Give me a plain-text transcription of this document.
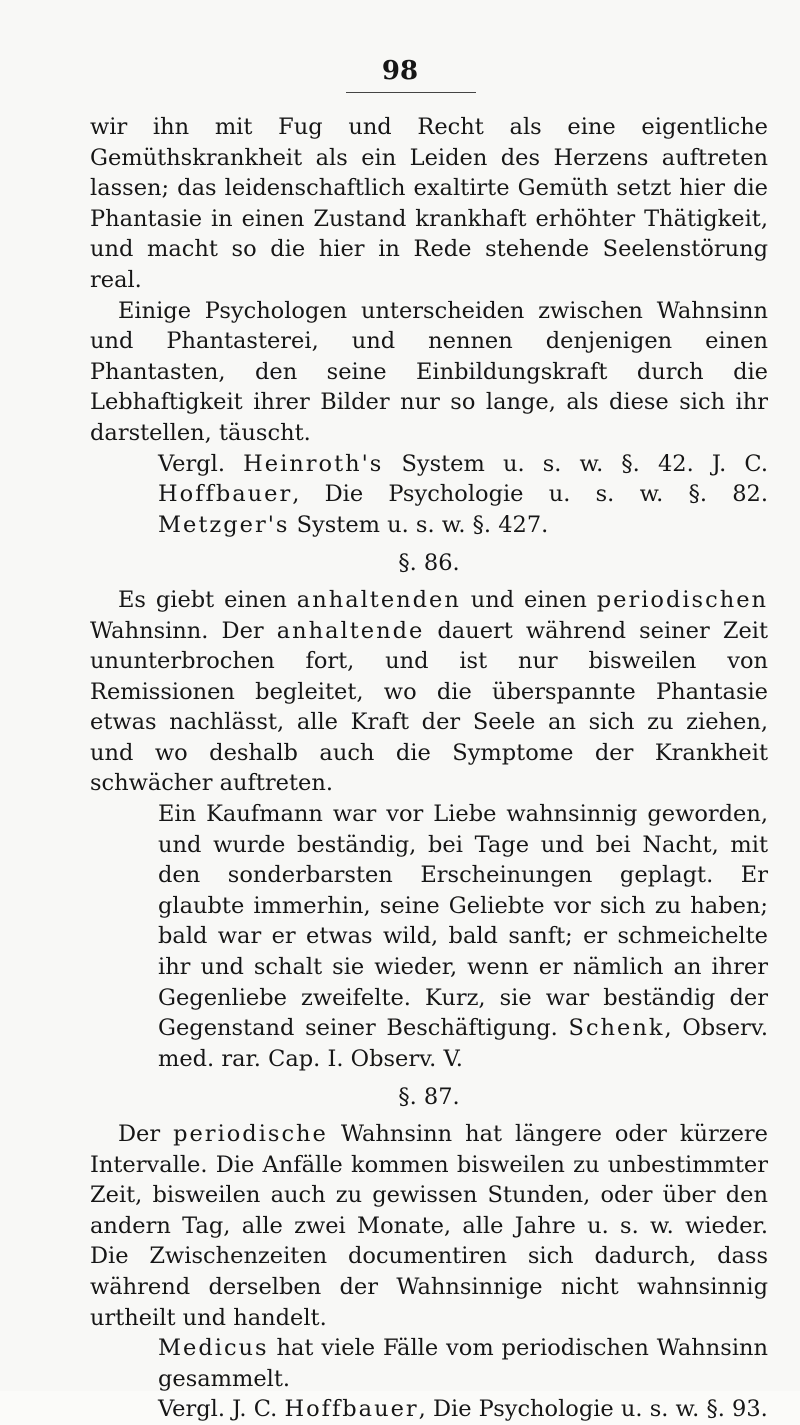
98

wir ihn mit Fug und Recht als eine eigentliche Gemüthskrankheit als ein Leiden des Herzens auftreten lassen; das leidenschaftlich exaltirte Gemüth setzt hier die Phantasie in einen Zustand krankhaft erhöhter Thätigkeit, und macht so die hier in Rede stehende Seelenstörung real.

Einige Psychologen unterscheiden zwischen Wahnsinn und Phantasterei, und nennen denjenigen einen Phantasten, den seine Einbildungskraft durch die Lebhaftigkeit ihrer Bilder nur so lange, als diese sich ihr darstellen, täuscht.

Vergl. Heinroth's System u. s. w. §. 42. J. C. Hoffbauer, Die Psychologie u. s. w. §. 82. Metzger's System u. s. w. §. 427.

§. 86.

Es giebt einen anhaltenden und einen periodischen Wahnsinn. Der anhaltende dauert während seiner Zeit ununterbrochen fort, und ist nur bisweilen von Remissionen begleitet, wo die überspannte Phantasie etwas nachlässt, alle Kraft der Seele an sich zu ziehen, und wo deshalb auch die Symptome der Krankheit schwächer auftreten.

Ein Kaufmann war vor Liebe wahnsinnig geworden, und wurde beständig, bei Tage und bei Nacht, mit den sonderbarsten Erscheinungen geplagt. Er glaubte immerhin, seine Geliebte vor sich zu haben; bald war er etwas wild, bald sanft; er schmeichelte ihr und schalt sie wieder, wenn er nämlich an ihrer Gegenliebe zweifelte. Kurz, sie war beständig der Gegenstand seiner Beschäftigung. Schenk, Observ. med. rar. Cap. I. Observ. V.

§. 87.

Der periodische Wahnsinn hat längere oder kürzere Intervalle. Die Anfälle kommen bisweilen zu unbestimmter Zeit, bisweilen auch zu gewissen Stunden, oder über den andern Tag, alle zwei Monate, alle Jahre u. s. w. wieder. Die Zwischenzeiten documentiren sich dadurch, dass während derselben der Wahnsinnige nicht wahnsinnig urtheilt und handelt.

Medicus hat viele Fälle vom periodischen Wahnsinn gesammelt.

Vergl. J. C. Hoffbauer, Die Psychologie u. s. w. §. 93.
